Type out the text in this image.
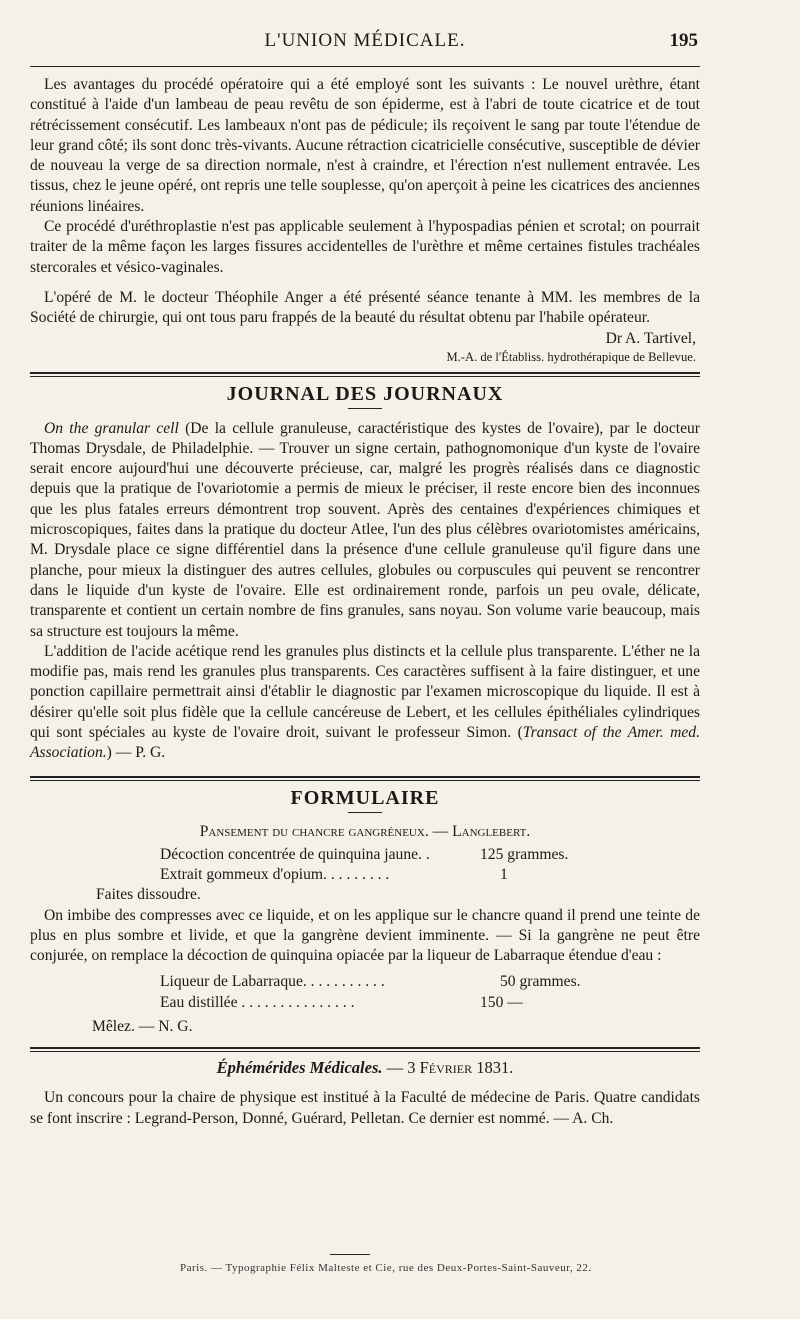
L'UNION MÉDICALE.	195

Les avantages du procédé opératoire qui a été employé sont les suivants : Le nouvel urèthre, étant constitué à l'aide d'un lambeau de peau revêtu de son épiderme, est à l'abri de toute cicatrice et de tout rétrécissement consécutif. Les lambeaux n'ont pas de pédicule; ils reçoivent le sang par toute l'étendue de leur grand côté; ils sont donc très-vivants. Aucune rétraction cicatricielle consécutive, susceptible de dévier de nouveau la verge de sa direction normale, n'est à craindre, et l'érection n'est nullement entravée. Les tissus, chez le jeune opéré, ont repris une telle souplesse, qu'on aperçoit à peine les cicatrices des anciennes réunions linéaires.

Ce procédé d'uréthroplastie n'est pas applicable seulement à l'hypospadias pénien et scrotal; on pourrait traiter de la même façon les larges fissures accidentelles de l'urèthre et même certaines fistules trachéales stercorales et vésico-vaginales.

L'opéré de M. le docteur Théophile Anger a été présenté séance tenante à MM. les membres de la Société de chirurgie, qui ont tous paru frappés de la beauté du résultat obtenu par l'habile opérateur.

Dr A. Tartivel,
M.-A. de l'Établiss. hydrothérapique de Bellevue.
JOURNAL DES JOURNAUX

On the granular cell (De la cellule granuleuse, caractéristique des kystes de l'ovaire), par le docteur Thomas Drysdale, de Philadelphie. — Trouver un signe certain, pathognomonique d'un kyste de l'ovaire serait encore aujourd'hui une découverte précieuse, car, malgré les progrès réalisés dans ce diagnostic depuis que la pratique de l'ovariotomie a permis de mieux le préciser, il reste encore bien des inconnues que les plus fatales erreurs démontrent trop souvent. Après des centaines d'expériences chimiques et microscopiques, faites dans la pratique du docteur Atlee, l'un des plus célèbres ovariotomistes américains, M. Drysdale place ce signe différentiel dans la présence d'une cellule granuleuse qu'il figure dans une planche, pour mieux la distinguer des autres cellules, globules ou corpuscules qui peuvent se rencontrer dans le liquide d'un kyste de l'ovaire. Elle est ordinairement ronde, parfois un peu ovale, délicate, transparente et contient un certain nombre de fins granules, sans noyau. Son volume varie beaucoup, mais sa structure est toujours la même.

L'addition de l'acide acétique rend les granules plus distincts et la cellule plus transparente. L'éther ne la modifie pas, mais rend les granules plus transparents. Ces caractères suffisent à la faire distinguer, et une ponction capillaire permettrait ainsi d'établir le diagnostic par l'examen microscopique du liquide. Il est à désirer qu'elle soit plus fidèle que la cellule cancéreuse de Lebert, et les cellules épithéliales cylindriques qui sont spéciales au kyste de l'ovaire droit, suivant le professeur Simon. (Transact of the Amer. med. Association.) — P. G.

FORMULAIRE
Pansement du chancre gangréneux. — Langlebert.
Décoction concentrée de quinquina jaune. .	125 grammes.
Extrait gommeux d'opium. . . . . . . . .	1
Faites dissoudre.

On imbibe des compresses avec ce liquide, et on les applique sur le chancre quand il prend une teinte de plus en plus sombre et livide, et que la gangrène devient imminente. — Si la gangrène ne peut être conjurée, on remplace la décoction de quinquina opiacée par la liqueur de Labarraque étendue d'eau :

Liqueur de Labarraque. . . . . . . . . . .	50 grammes.
Eau distillée . . . . . . . . . . . . . . .	150 —
Mêlez. — N. G.
Éphémérides Médicales. — 3 Février 1831.

Un concours pour la chaire de physique est institué à la Faculté de médecine de Paris. Quatre candidats se font inscrire : Legrand-Person, Donné, Guérard, Pelletan. Ce dernier est nommé. — A. Ch.

Paris. — Typographie Félix Malteste et Cie, rue des Deux-Portes-Saint-Sauveur, 22.
